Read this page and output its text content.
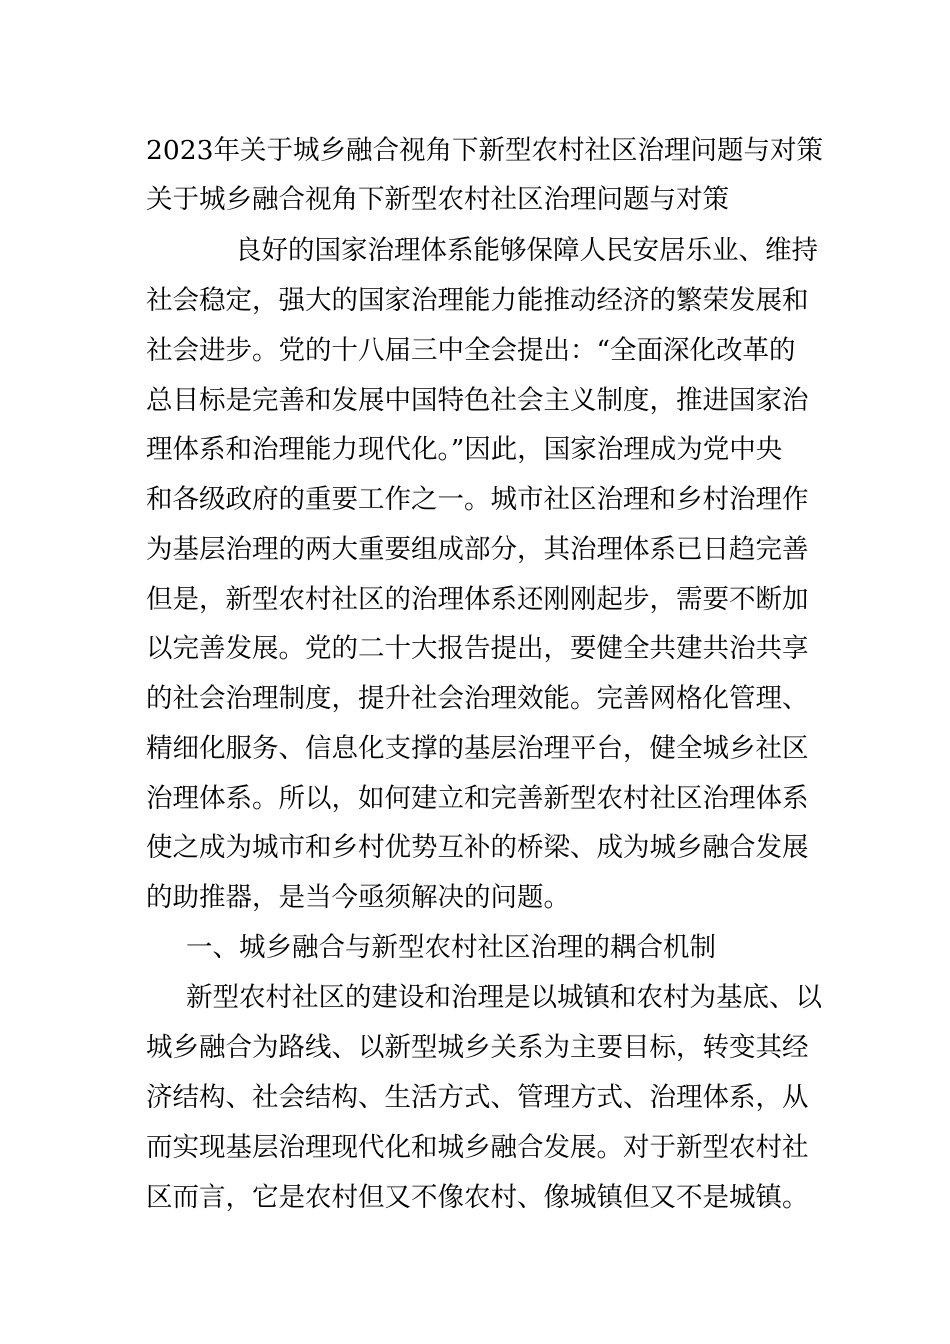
2023年关于城乡融合视角下新型农村社区治理问题与对策
关于城乡融合视角下新型农村社区治理问题与对策
良好的国家治理体系能够保障人民安居乐业、维持
社会稳定，强大的国家治理能力能推动经济的繁荣发展和
社会进步。党的十八届三中全会提出：“全面深化改革的
总目标是完善和发展中国特色社会主义制度，推进国家治
理体系和治理能力现代化。”因此，国家治理成为党中央
和各级政府的重要工作之一。城市社区治理和乡村治理作
为基层治理的两大重要组成部分，其治理体系已日趋完善
但是，新型农村社区的治理体系还刚刚起步，需要不断加
以完善发展。党的二十大报告提出，要健全共建共治共享
的社会治理制度，提升社会治理效能。完善网格化管理、
精细化服务、信息化支撑的基层治理平台，健全城乡社区
治理体系。所以，如何建立和完善新型农村社区治理体系
使之成为城市和乡村优势互补的桥梁、成为城乡融合发展
的助推器，是当今亟须解决的问题。
一、城乡融合与新型农村社区治理的耦合机制
新型农村社区的建设和治理是以城镇和农村为基底、以
城乡融合为路线、以新型城乡关系为主要目标，转变其经
济结构、社会结构、生活方式、管理方式、治理体系，从
而实现基层治理现代化和城乡融合发展。对于新型农村社
区而言，它是农村但又不像农村、像城镇但又不是城镇。
